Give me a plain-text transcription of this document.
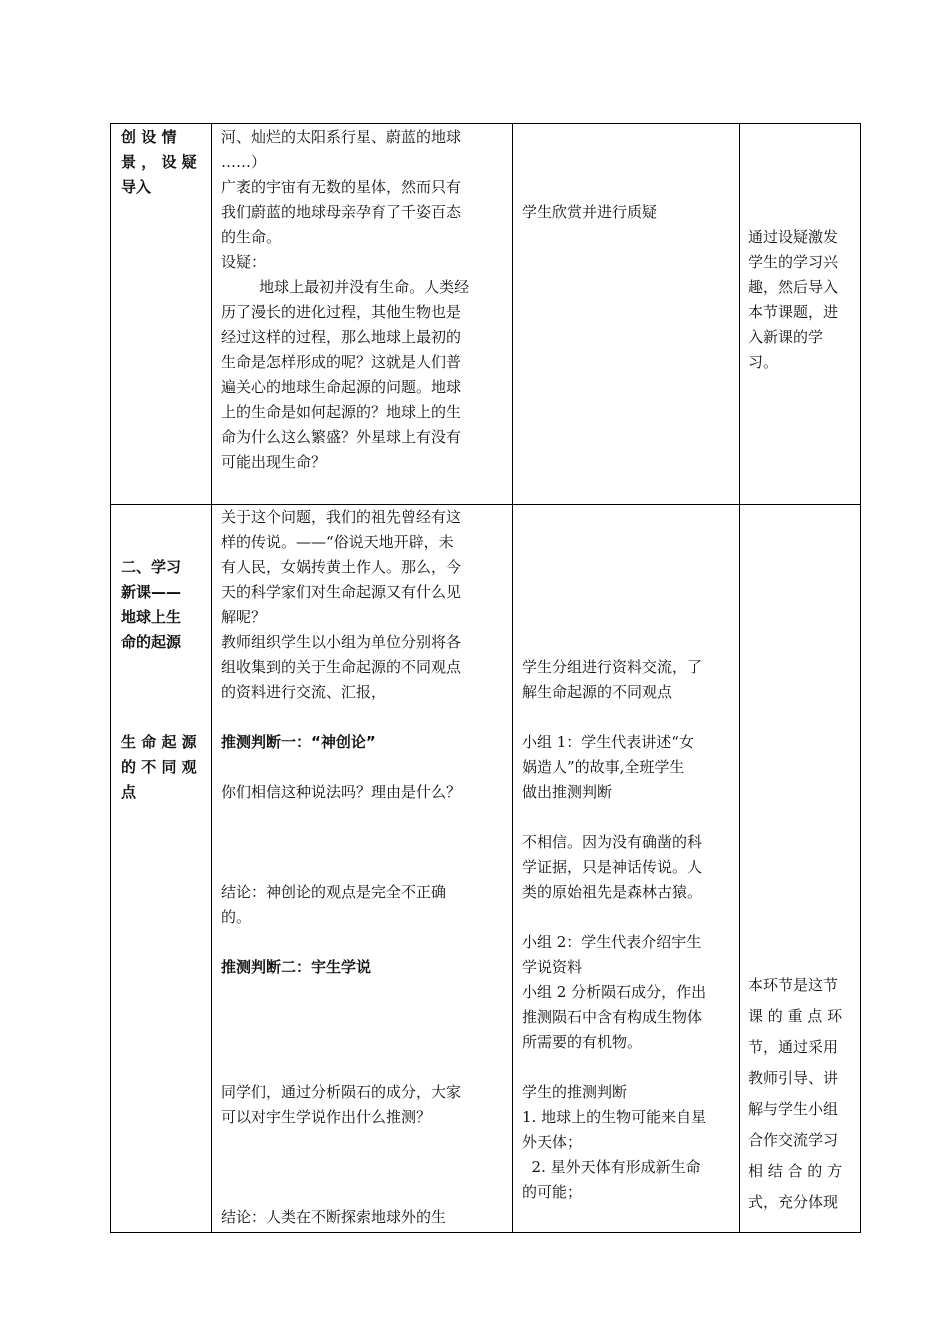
创 设 情
景 ， 设 疑
导入
河、灿烂的太阳系行星、蔚蓝的地球
……）
广袤的宇宙有无数的星体，然而只有
我们蔚蓝的地球母亲孕育了千姿百态
的生命。
设疑：
地球上最初并没有生命。人类经
历了漫长的进化过程，其他生物也是
经过这样的过程，那么地球上最初的
生命是怎样形成的呢？这就是人们普
遍关心的地球生命起源的问题。地球
上的生命是如何起源的？地球上的生
命为什么这么繁盛？外星球上有没有
可能出现生命？
学生欣赏并进行质疑
通过设疑激发
学生的学习兴
趣，然后导入
本节课题，进
入新课的学
习。
二、学习
新课——
地球上生
命的起源
生 命 起 源
的 不 同 观
点
关于这个问题，我们的祖先曾经有这
样的传说。——“俗说天地开辟，未
有人民，女娲抟黄土作人。那么，今
天的科学家们对生命起源又有什么见
解呢？
教师组织学生以小组为单位分别将各
组收集到的关于生命起源的不同观点
的资料进行交流、汇报，
推测判断一：“神创论”
你们相信这种说法吗？理由是什么？
结论：神创论的观点是完全不正确
的。
推测判断二：宇生学说
同学们，通过分析陨石的成分，大家
可以对宇生学说作出什么推测？
结论：人类在不断探索地球外的生
学生分组进行资料交流，了
解生命起源的不同观点
小组 1：学生代表讲述“女
娲造人”的故事,全班学生
做出推测判断
不相信。因为没有确凿的科
学证据，只是神话传说。人
类的原始祖先是森林古猿。
小组 2：学生代表介绍宇生
学说资料
小组 2 分析陨石成分，作出
推测陨石中含有构成生物体
所需要的有机物。
学生的推测判断
1. 地球上的生物可能来自星
外天体；
2. 星外天体有形成新生命
的可能；
本环节是这节
课 的 重 点 环
节，通过采用
教师引导、讲
解与学生小组
合作交流学习
相 结 合 的 方
式，充分体现
